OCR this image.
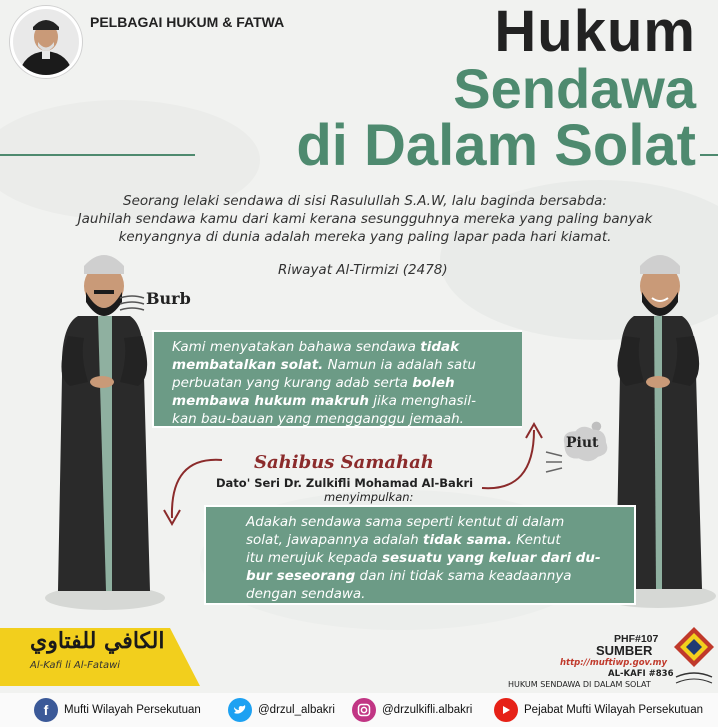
PELBAGAI HUKUM & FATWA	Hukum
Sendawa
di Dalam Solat
Seorang lelaki sendawa di sisi Rasulullah S.A.W, lalu baginda bersabda:
Jauhilah sendawa kamu dari kami kerana sesungguhnya mereka yang paling banyak
kenyangnya di dunia adalah mereka yang paling lapar pada hari kiamat.
Riwayat Al-Tirmizi (2478)
Burb
Piut
Kami menyatakan bahawa sendawa tidak
membatalkan solat. Namun ia adalah satu
perbuatan yang kurang adab serta boleh
membawa hukum makruh jika menghasil-
kan bau-bauan yang mengganggu jemaah.
Sahibus Samahah
Dato' Seri Dr. Zulkifli Mohamad Al-Bakri
menyimpulkan:
Adakah sendawa sama seperti kentut di dalam
solat, jawapannya adalah tidak sama. Kentut
itu merujuk kepada sesuatu yang keluar dari du-
bur seseorang dan ini tidak sama keadaannya
dengan sendawa.
الكافي للفتاوي
Al-Kafi li Al-Fatawi
PHF#107
SUMBER
http://muftiwp.gov.my
AL-KAFI #836
HUKUM SENDAWA DI DALAM SOLAT
f	Mufti Wilayah Persekutuan	@drzul_albakri	@drzulkifli.albakri	Pejabat Mufti Wilayah Persekutuan
